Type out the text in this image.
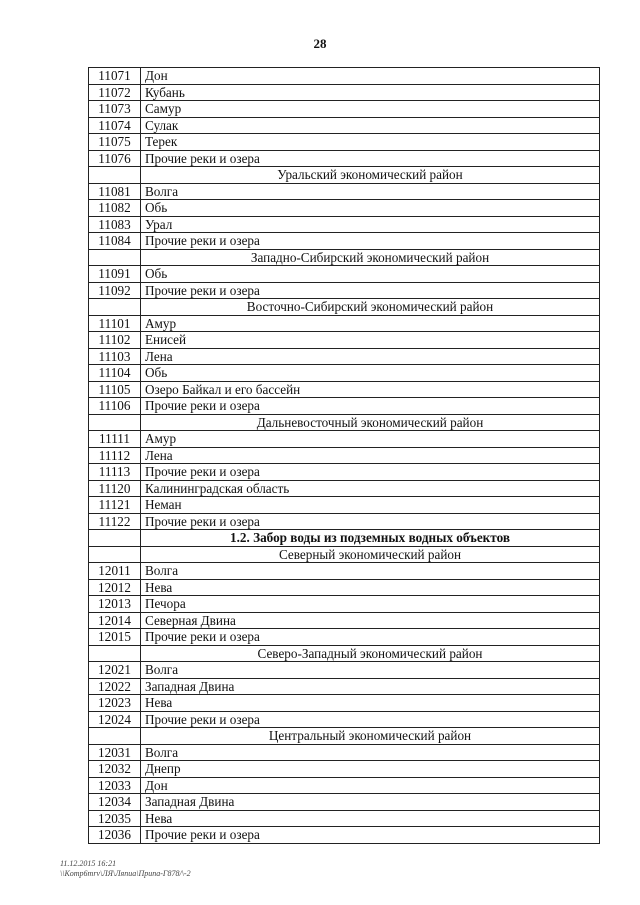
28
11071	Дон
11072	Кубань
11073	Самур
11074	Сулак
11075	Терек
11076	Прочие реки и озера
	Уральский экономический район
11081	Волга
11082	Обь
11083	Урал
11084	Прочие реки и озера
	Западно-Сибирский экономический район
11091	Обь
11092	Прочие реки и озера
	Восточно-Сибирский экономический район
11101	Амур
11102	Енисей
11103	Лена
11104	Обь
11105	Озеро Байкал и его бассейн
11106	Прочие реки и озера
	Дальневосточный экономический район
11111	Амур
11112	Лена
11113	Прочие реки и озера
11120	Калининградская область
11121	Неман
11122	Прочие реки и озера
	1.2. Забор воды из подземных водных объектов
	Северный экономический район
12011	Волга
12012	Нева
12013	Печора
12014	Северная Двина
12015	Прочие реки и озера
	Северо-Западный экономический район
12021	Волга
12022	Западная Двина
12023	Нева
12024	Прочие реки и озера
	Центральный экономический район
12031	Волга
12032	Днепр
12033	Дон
12034	Западная Двина
12035	Нева
12036	Прочие реки и озера
11.12.2015 16:21
\\Komp6mrv\ЛЯ\Ляпиа\Припа-Г878/\-2
